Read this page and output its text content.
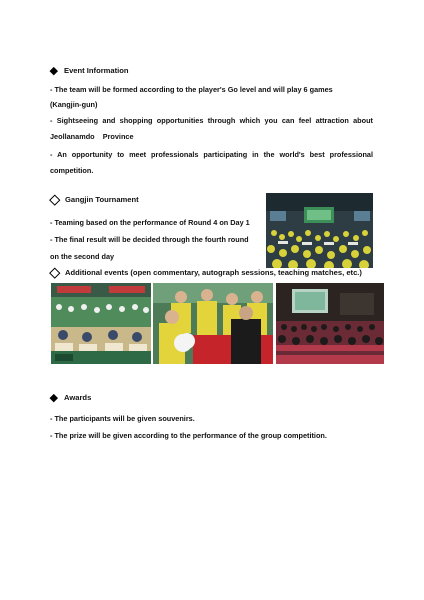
Event Information
- The team will be formed according to the player's Go level and will play 6 games
(Kangjin-gun)
- Sightseeing and shopping opportunities through which you can feel attraction about
Jeollanamdo    Province
- An opportunity to meet professionals participating in the world's best professional
competition.
Gangjin Tournament
- Teaming based on the performance of Round 4 on Day 1
- The final result will be decided through the fourth round
on the second day
Additional events (open commentary, autograph sessions, teaching matches, etc.)
Awards
- The participants will be given souvenirs.
- The prize will be given according to the performance of the group competition.
